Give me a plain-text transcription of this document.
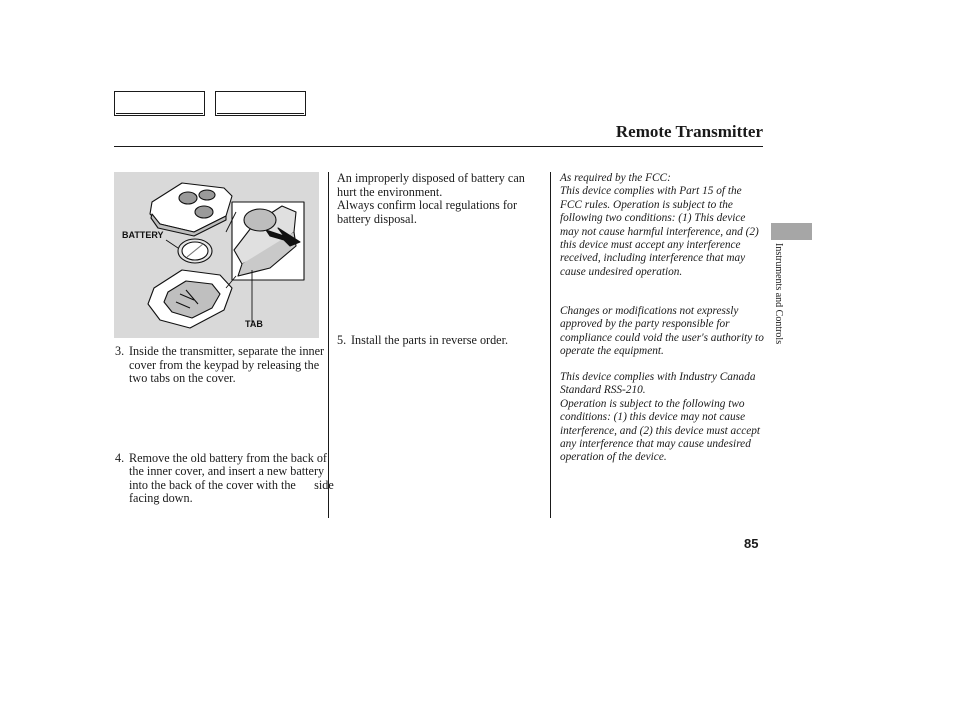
Remote Transmitter
BATTERY
TAB
3. Inside the transmitter, separate the inner cover from the keypad by releasing the two tabs on the cover.
4. Remove the old battery from the back of the inner cover, and insert a new battery into the back of the cover with the      side facing down.
An improperly disposed of battery can hurt the environment.
Always confirm local regulations for battery disposal.
5. Install the parts in reverse order.
As required by the FCC:
This device complies with Part 15 of the FCC rules. Operation is subject to the following two conditions: (1) This device may not cause harmful interference, and (2) this device must accept any interference received, including interference that may cause undesired operation.
Changes or modifications not expressly approved by the party responsible for compliance could void the user's authority to operate the equipment.
This device complies with Industry Canada Standard RSS-210.
Operation is subject to the following two conditions: (1) this device may not cause interference, and (2) this device must accept any interference that may cause undesired operation of the device.
Instruments and Controls
85
